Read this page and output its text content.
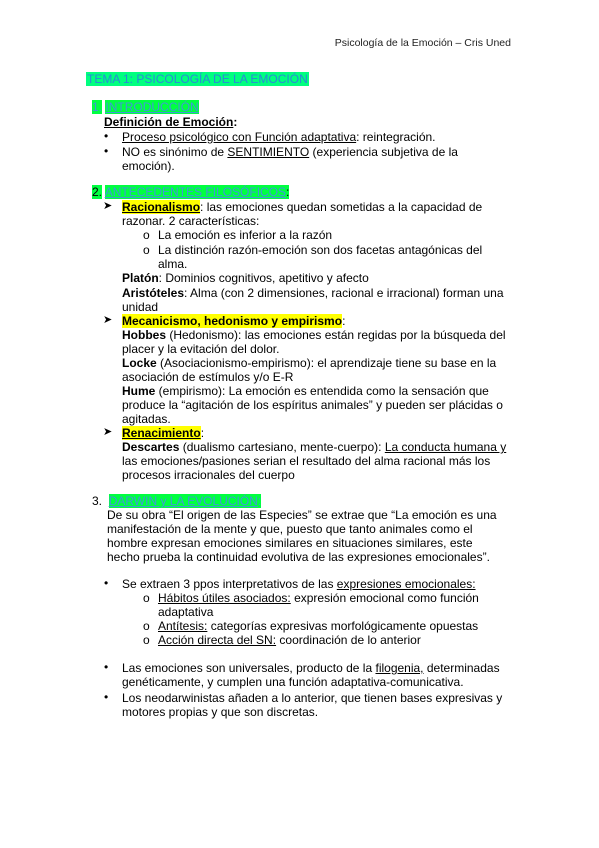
Psicología de la Emoción – Cris Uned
TEMA 1: PSICOLOGÍA DE LA EMOCIÓN
1. INTRODUCCIÓN
Definición de Emoción:
• Proceso psicológico con Función adaptativa: reintegración.
• NO es sinónimo de SENTIMIENTO (experiencia subjetiva de la
emoción).
2. ANTECEDENTES FILOSÓFICOS:
➤ Racionalismo: las emociones quedan sometidas a la capacidad de
razonar. 2 características:
o La emoción es inferior a la razón
o La distinción razón-emoción son dos facetas antagónicas del
alma.
Platón: Dominios cognitivos, apetitivo y afecto
Aristóteles: Alma (con 2 dimensiones, racional e irracional) forman una
unidad
➤ Mecanicismo, hedonismo y empirismo:
Hobbes (Hedonismo): las emociones están regidas por la búsqueda del
placer y la evitación del dolor.
Locke (Asociacionismo-empirismo): el aprendizaje tiene su base en la
asociación de estímulos y/o E-R
Hume (empirismo): La emoción es entendida como la sensación que
produce la “agitación de los espíritus animales” y pueden ser plácidas o
agitadas.
➤ Renacimiento:
Descartes (dualismo cartesiano, mente-cuerpo): La conducta humana y
las emociones/pasiones serian el resultado del alma racional más los
procesos irracionales del cuerpo
3. DARWIN y LA EVOLUCIÓN:
De su obra “El origen de las Especies” se extrae que “La emoción es una
manifestación de la mente y que, puesto que tanto animales como el
hombre expresan emociones similares en situaciones similares, este
hecho prueba la continuidad evolutiva de las expresiones emocionales”.
• Se extraen 3 ppos interpretativos de las expresiones emocionales:
o Hábitos útiles asociados: expresión emocional como función
adaptativa
o Antítesis: categorías expresivas morfológicamente opuestas
o Acción directa del SN: coordinación de lo anterior
• Las emociones son universales, producto de la filogenia, determinadas
genéticamente, y cumplen una función adaptativa-comunicativa.
• Los neodarwinistas añaden a lo anterior, que tienen bases expresivas y
motores propias y que son discretas.
